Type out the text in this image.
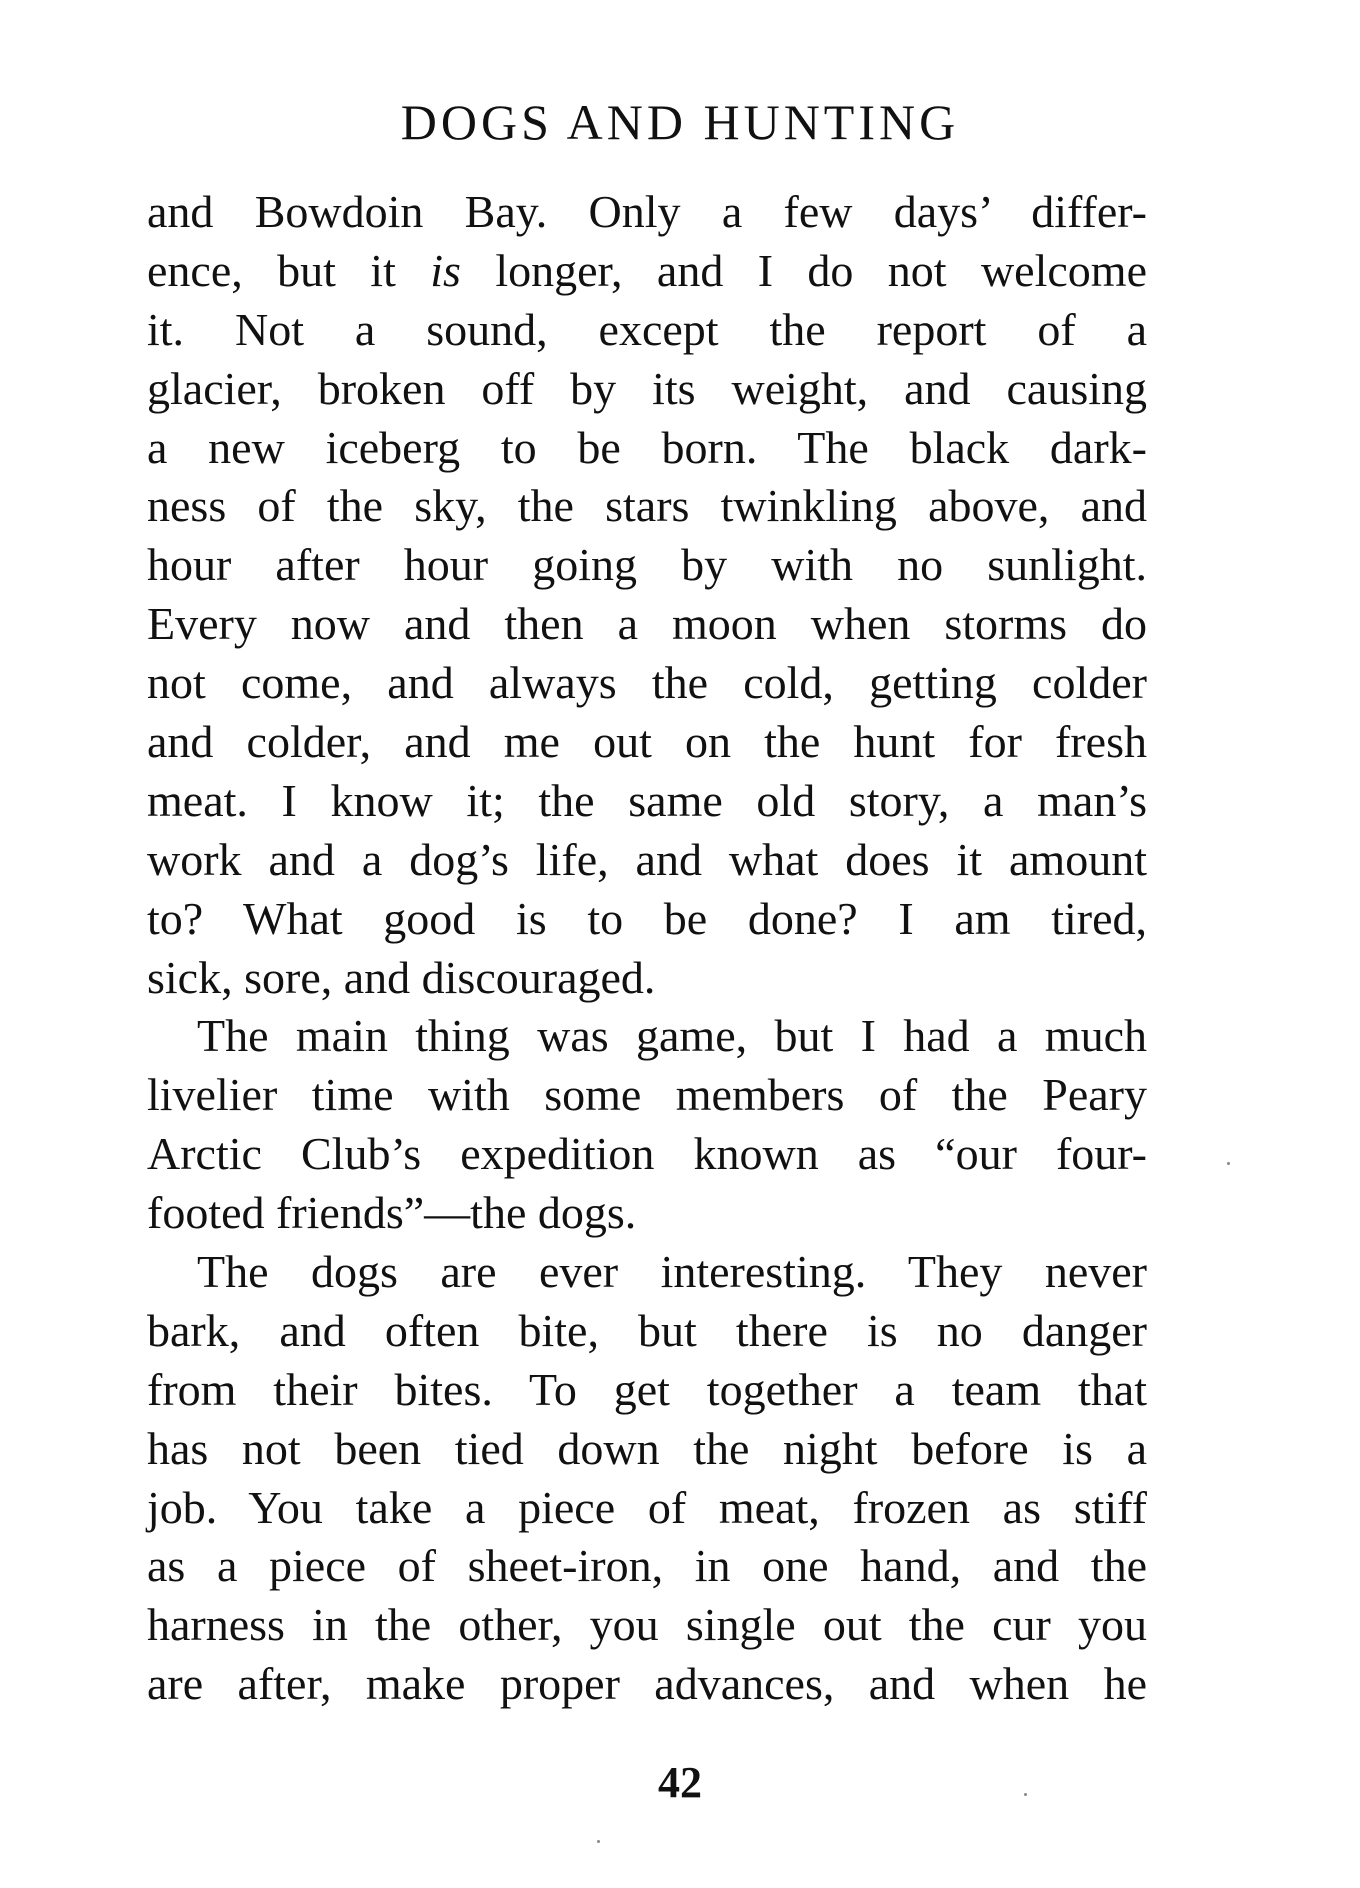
DOGS AND HUNTING
and Bowdoin Bay. Only a few days’ differ-
ence, but it is longer, and I do not welcome
it. Not a sound, except the report of a
glacier, broken off by its weight, and causing
a new iceberg to be born. The black dark-
ness of the sky, the stars twinkling above, and
hour after hour going by with no sunlight.
Every now and then a moon when storms do
not come, and always the cold, getting colder
and colder, and me out on the hunt for fresh
meat. I know it; the same old story, a man’s
work and a dog’s life, and what does it amount
to? What good is to be done? I am tired,
sick, sore, and discouraged.
The main thing was game, but I had a much
livelier time with some members of the Peary
Arctic Club’s expedition known as “our four-
footed friends”—the dogs.
The dogs are ever interesting. They never
bark, and often bite, but there is no danger
from their bites. To get together a team that
has not been tied down the night before is a
job. You take a piece of meat, frozen as stiff
as a piece of sheet-iron, in one hand, and the
harness in the other, you single out the cur you
are after, make proper advances, and when he
42
